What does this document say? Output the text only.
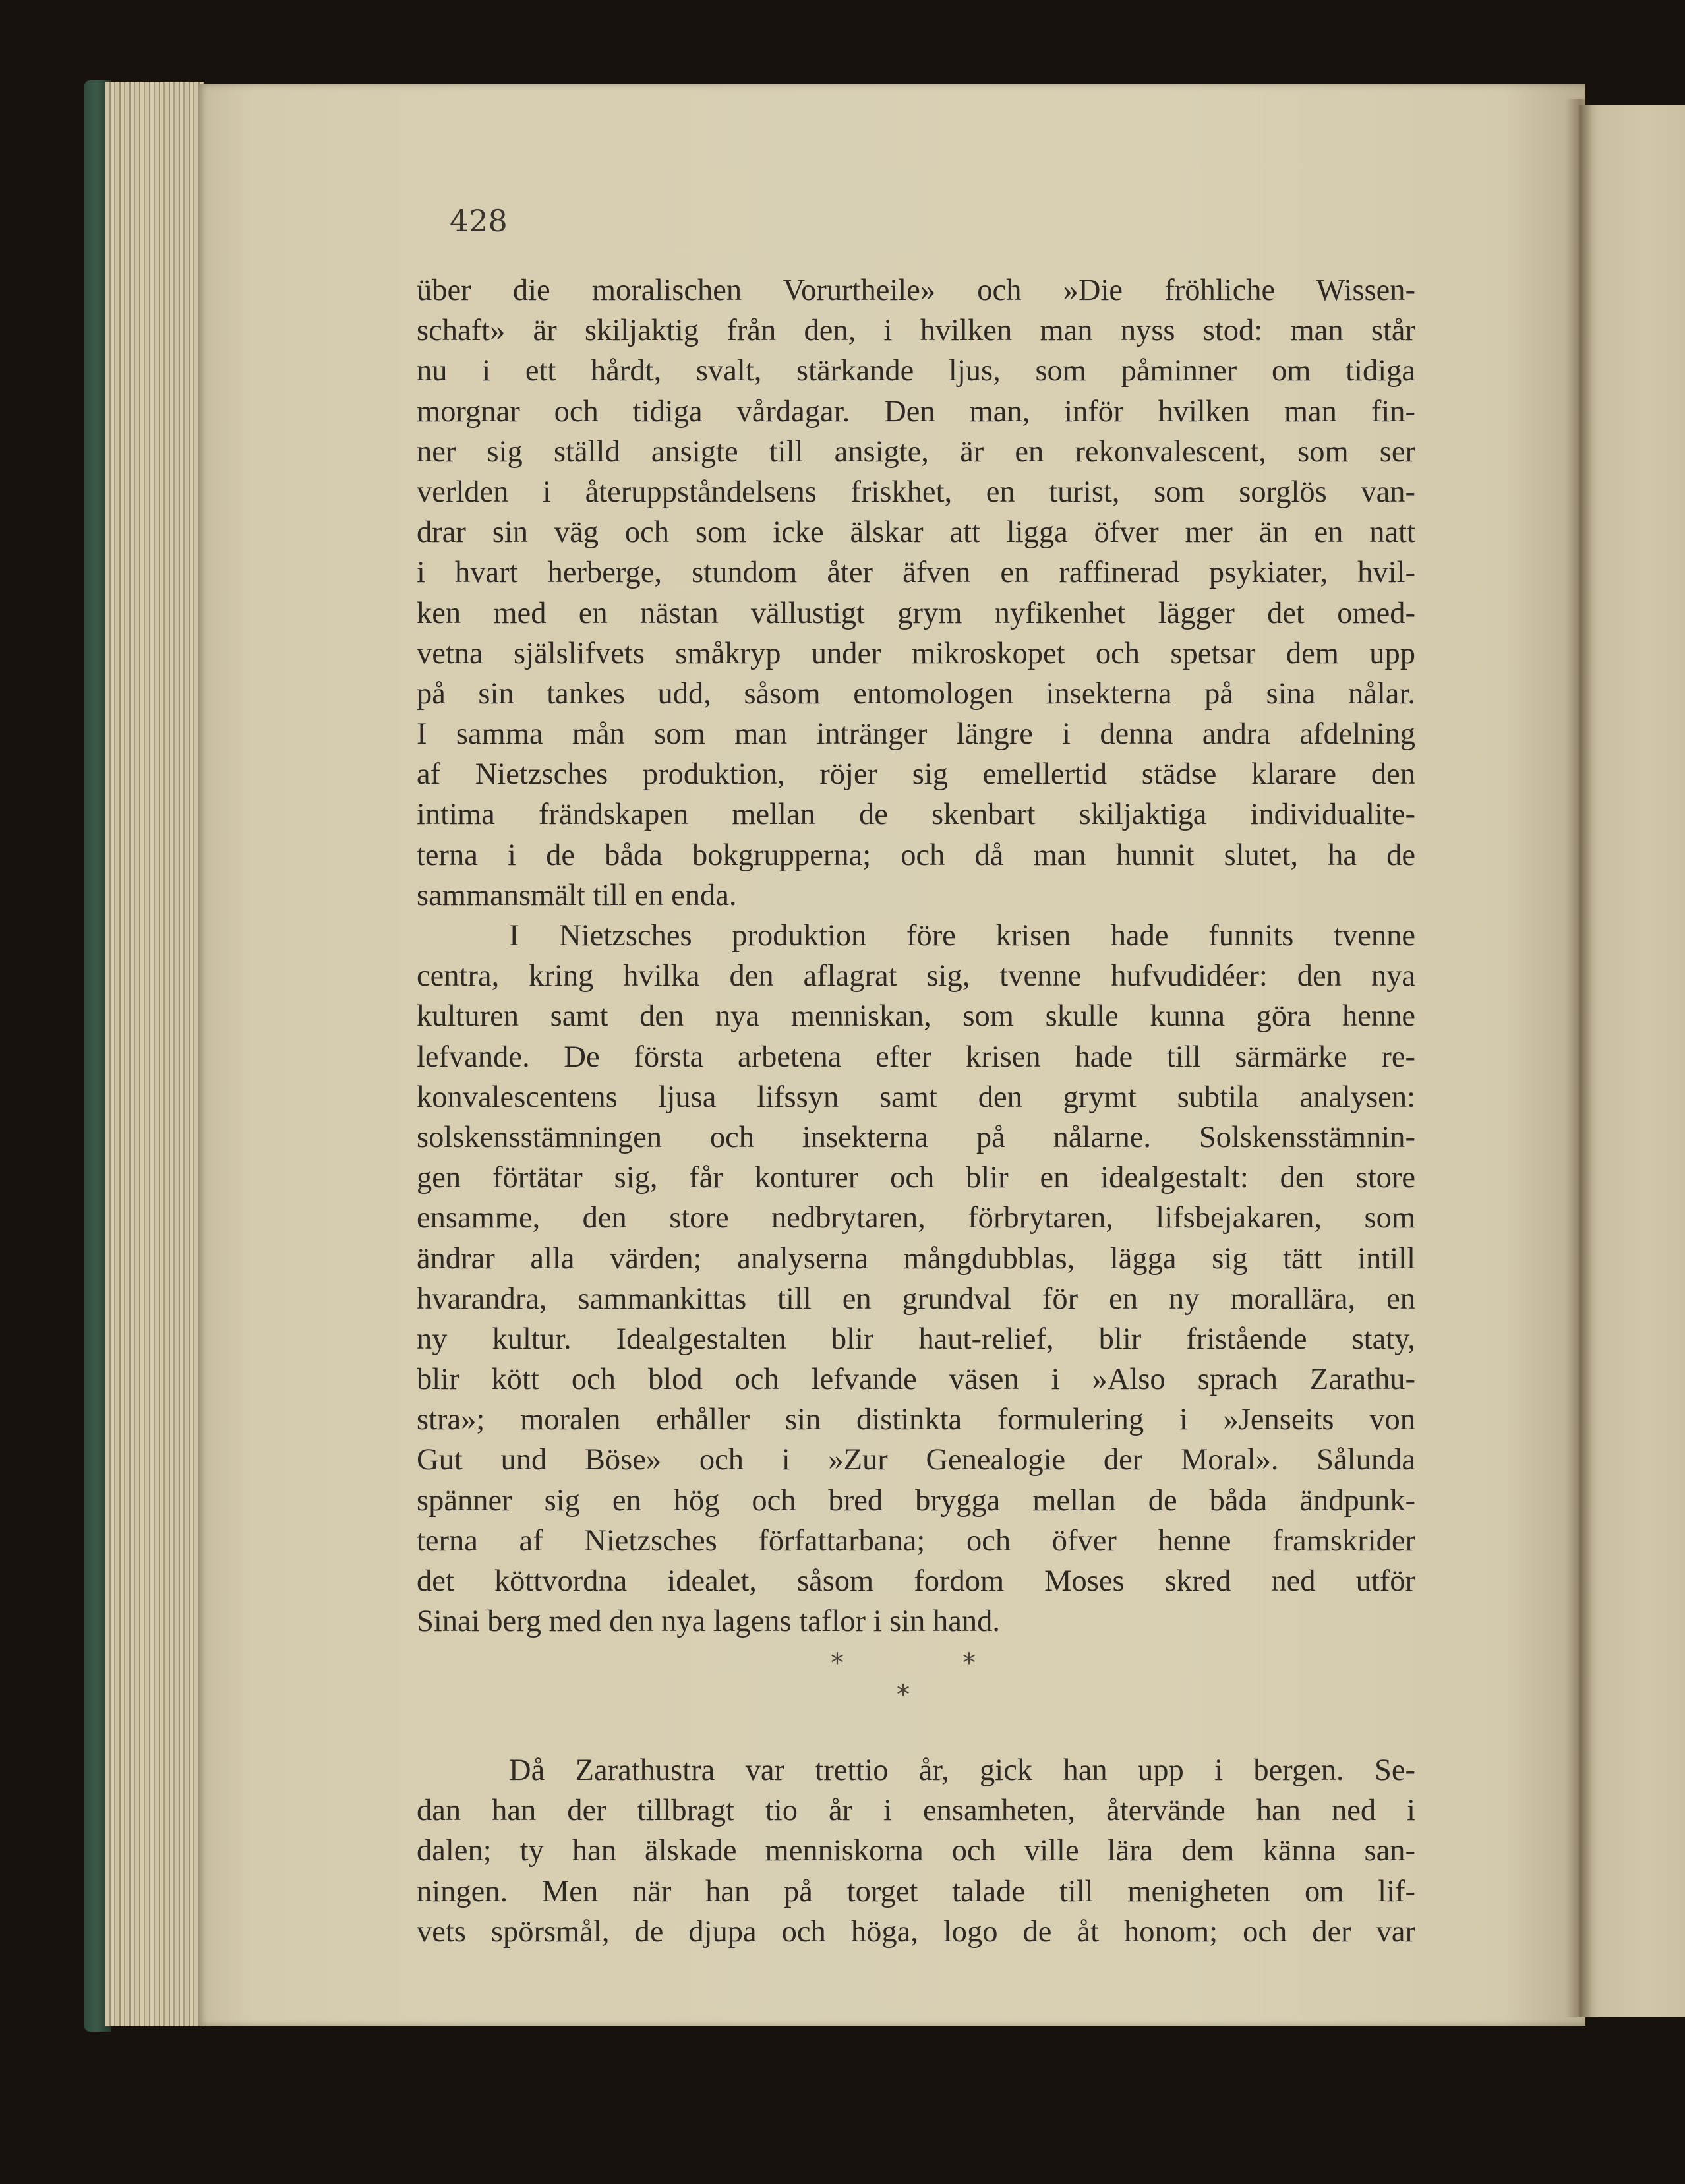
428
über die moralischen Vorurtheile» och »Die fröhliche Wissen-
schaft» är skiljaktig från den, i hvilken man nyss stod: man står
nu i ett hårdt, svalt, stärkande ljus, som påminner om tidiga
morgnar och tidiga vårdagar. Den man, inför hvilken man fin-
ner sig ställd ansigte till ansigte, är en rekonvalescent, som ser
verlden i återuppståndelsens friskhet, en turist, som sorglös van-
drar sin väg och som icke älskar att ligga öfver mer än en natt
i hvart herberge, stundom åter äfven en raffinerad psykiater, hvil-
ken med en nästan vällustigt grym nyfikenhet lägger det omed-
vetna själslifvets småkryp under mikroskopet och spetsar dem upp
på sin tankes udd, såsom entomologen insekterna på sina nålar.
I samma mån som man intränger längre i denna andra afdelning
af Nietzsches produktion, röjer sig emellertid städse klarare den
intima frändskapen mellan de skenbart skiljaktiga individualite-
terna i de båda bokgrupperna; och då man hunnit slutet, ha de
sammansmält till en enda.
I Nietzsches produktion före krisen hade funnits tvenne
centra, kring hvilka den aflagrat sig, tvenne hufvudidéer: den nya
kulturen samt den nya menniskan, som skulle kunna göra henne
lefvande. De första arbetena efter krisen hade till särmärke re-
konvalescentens ljusa lifssyn samt den grymt subtila analysen:
solskensstämningen och insekterna på nålarne. Solskensstämnin-
gen förtätar sig, får konturer och blir en idealgestalt: den store
ensamme, den store nedbrytaren, förbrytaren, lifsbejakaren, som
ändrar alla värden; analyserna mångdubblas, lägga sig tätt intill
hvarandra, sammankittas till en grundval för en ny morallära, en
ny kultur. Idealgestalten blir haut-relief, blir fristående staty,
blir kött och blod och lefvande väsen i »Also sprach Zarathu-
stra»; moralen erhåller sin distinkta formulering i »Jenseits von
Gut und Böse» och i »Zur Genealogie der Moral». Sålunda
spänner sig en hög och bred brygga mellan de båda ändpunk-
terna af Nietzsches författarbana; och öfver henne framskrider
det köttvordna idealet, såsom fordom Moses skred ned utför
Sinai berg med den nya lagens taflor i sin hand.
*	*
*
Då Zarathustra var trettio år, gick han upp i bergen. Se-
dan han der tillbragt tio år i ensamheten, återvände han ned i
dalen; ty han älskade menniskorna och ville lära dem känna san-
ningen. Men när han på torget talade till menigheten om lif-
vets spörsmål, de djupa och höga, logo de åt honom; och der var
